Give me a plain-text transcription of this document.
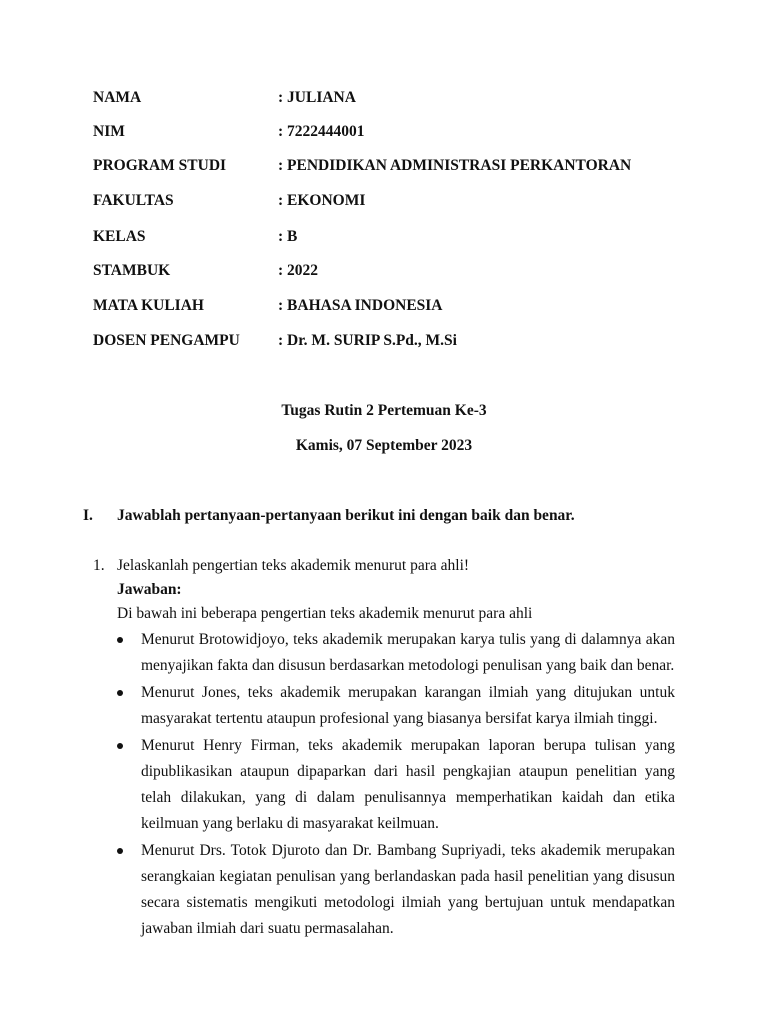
NAMA	: JULIANA
NIM	: 7222444001
PROGRAM STUDI	: PENDIDIKAN ADMINISTRASI PERKANTORAN
FAKULTAS	: EKONOMI
KELAS	: B
STAMBUK	: 2022
MATA KULIAH	: BAHASA INDONESIA
DOSEN PENGAMPU : Dr. M. SURIP S.Pd., M.Si
Tugas Rutin 2 Pertemuan Ke-3
Kamis, 07 September 2023
I. Jawablah pertanyaan-pertanyaan berikut ini dengan baik dan benar.
1. Jelaskanlah pengertian teks akademik menurut para ahli!
Jawaban:
Di bawah ini beberapa pengertian teks akademik menurut para ahli
Menurut Brotowidjoyo, teks akademik merupakan karya tulis yang di dalamnya akan menyajikan fakta dan disusun berdasarkan metodologi penulisan yang baik dan benar.
Menurut Jones, teks akademik merupakan karangan ilmiah yang ditujukan untuk masyarakat tertentu ataupun profesional yang biasanya bersifat karya ilmiah tinggi.
Menurut Henry Firman, teks akademik merupakan laporan berupa tulisan yang dipublikasikan ataupun dipaparkan dari hasil pengkajian ataupun penelitian yang telah dilakukan, yang di dalam penulisannya memperhatikan kaidah dan etika keilmuan yang berlaku di masyarakat keilmuan.
Menurut Drs. Totok Djuroto dan Dr. Bambang Supriyadi, teks akademik merupakan serangkaian kegiatan penulisan yang berlandaskan pada hasil penelitian yang disusun secara sistematis mengikuti metodologi ilmiah yang bertujuan untuk mendapatkan jawaban ilmiah dari suatu permasalahan.
